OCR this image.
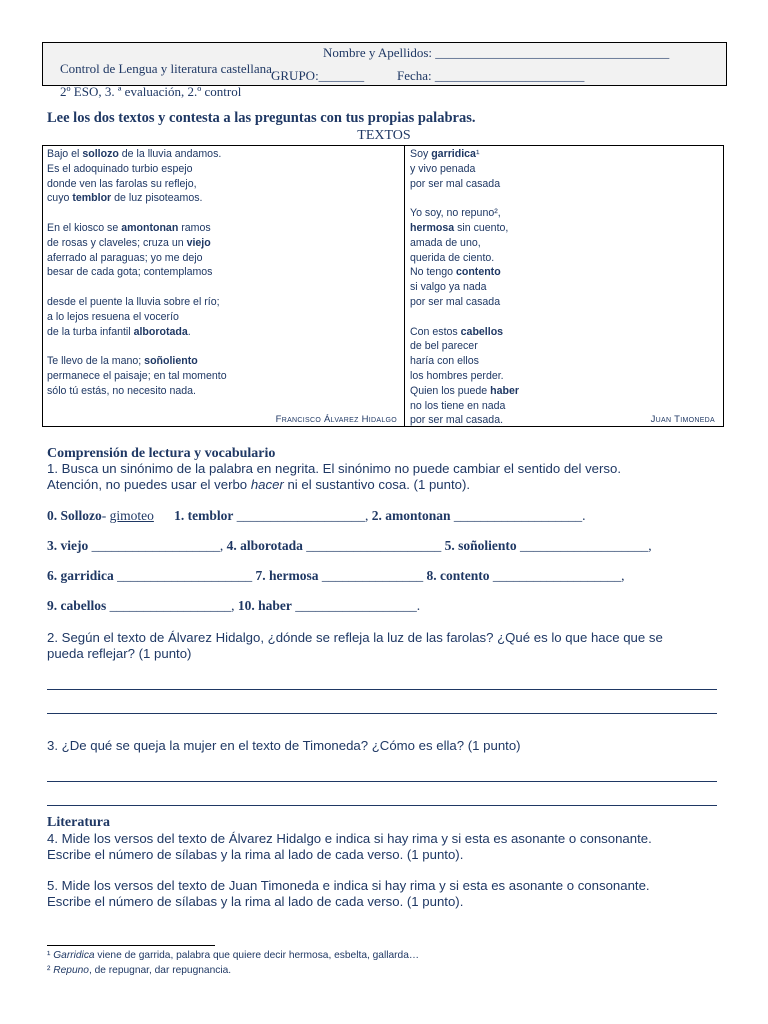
Control de Lengua y literatura castellana.

Nombre y Apellidos: ____________________________________

2º ESO, 3. ª evaluación, 2.º control

GRUPO:_______

	Fecha: _______________________

Lee los dos textos y contesta a las preguntas con tus propias palabras.
TEXTOS
Bajo el sollozo de la lluvia andamos.
Es el adoquinado turbio espejo
donde ven las farolas su reflejo,
cuyo temblor de luz pisoteamos.
En el kiosco se amontonan ramos
de rosas y claveles; cruza un viejo
aferrado al paraguas; yo me dejo
besar de cada gota; contemplamos
desde el puente la lluvia sobre el río;
a lo lejos resuena el vocerío
de la turba infantil alborotada.
Te llevo de la mano; soñoliento
permanece el paisaje; en tal momento
sólo tú estás, no necesito nada.
Soy garridica¹
y vivo penada
por ser mal casada
Yo soy, no repuno²,
hermosa sin cuento,
amada de uno,
querida de ciento.
No tengo contento
si valgo ya nada
por ser mal casada
Con estos cabellos
de bel parecer
haría con ellos
los hombres perder.
Quien los puede haber
no los tiene en nada
por ser mal casada.
Francisco Álvarez Hidalgo	Juan Timoneda
Comprensión de lectura y vocabulario
1. Busca un sinónimo de la palabra en negrita. El sinónimo no puede cambiar el sentido del verso.
Atención, no puedes usar el verbo hacer ni el sustantivo cosa. (1 punto).
0. Sollozo- gimoteo 1. temblor ___________________, 2. amontonan ___________________.
3. viejo ___________________, 4. alborotada ____________________ 5. soñoliento ___________________,
6. garridica ____________________ 7. hermosa _______________ 8. contento ___________________,
9. cabellos __________________, 10. haber __________________.
2. Según el texto de Álvarez Hidalgo, ¿dónde se refleja la luz de las farolas? ¿Qué es lo que hace que se
pueda reflejar? (1 punto)
3. ¿De qué se queja la mujer en el texto de Timoneda? ¿Cómo es ella? (1 punto)
Literatura
4. Mide los versos del texto de Álvarez Hidalgo e indica si hay rima y si esta es asonante o consonante.
Escribe el número de sílabas y la rima al lado de cada verso. (1 punto).
5. Mide los versos del texto de Juan Timoneda e indica si hay rima y si esta es asonante o consonante.
Escribe el número de sílabas y la rima al lado de cada verso. (1 punto).
¹ Garridica viene de garrida, palabra que quiere decir hermosa, esbelta, gallarda…
² Repuno, de repugnar, dar repugnancia.
